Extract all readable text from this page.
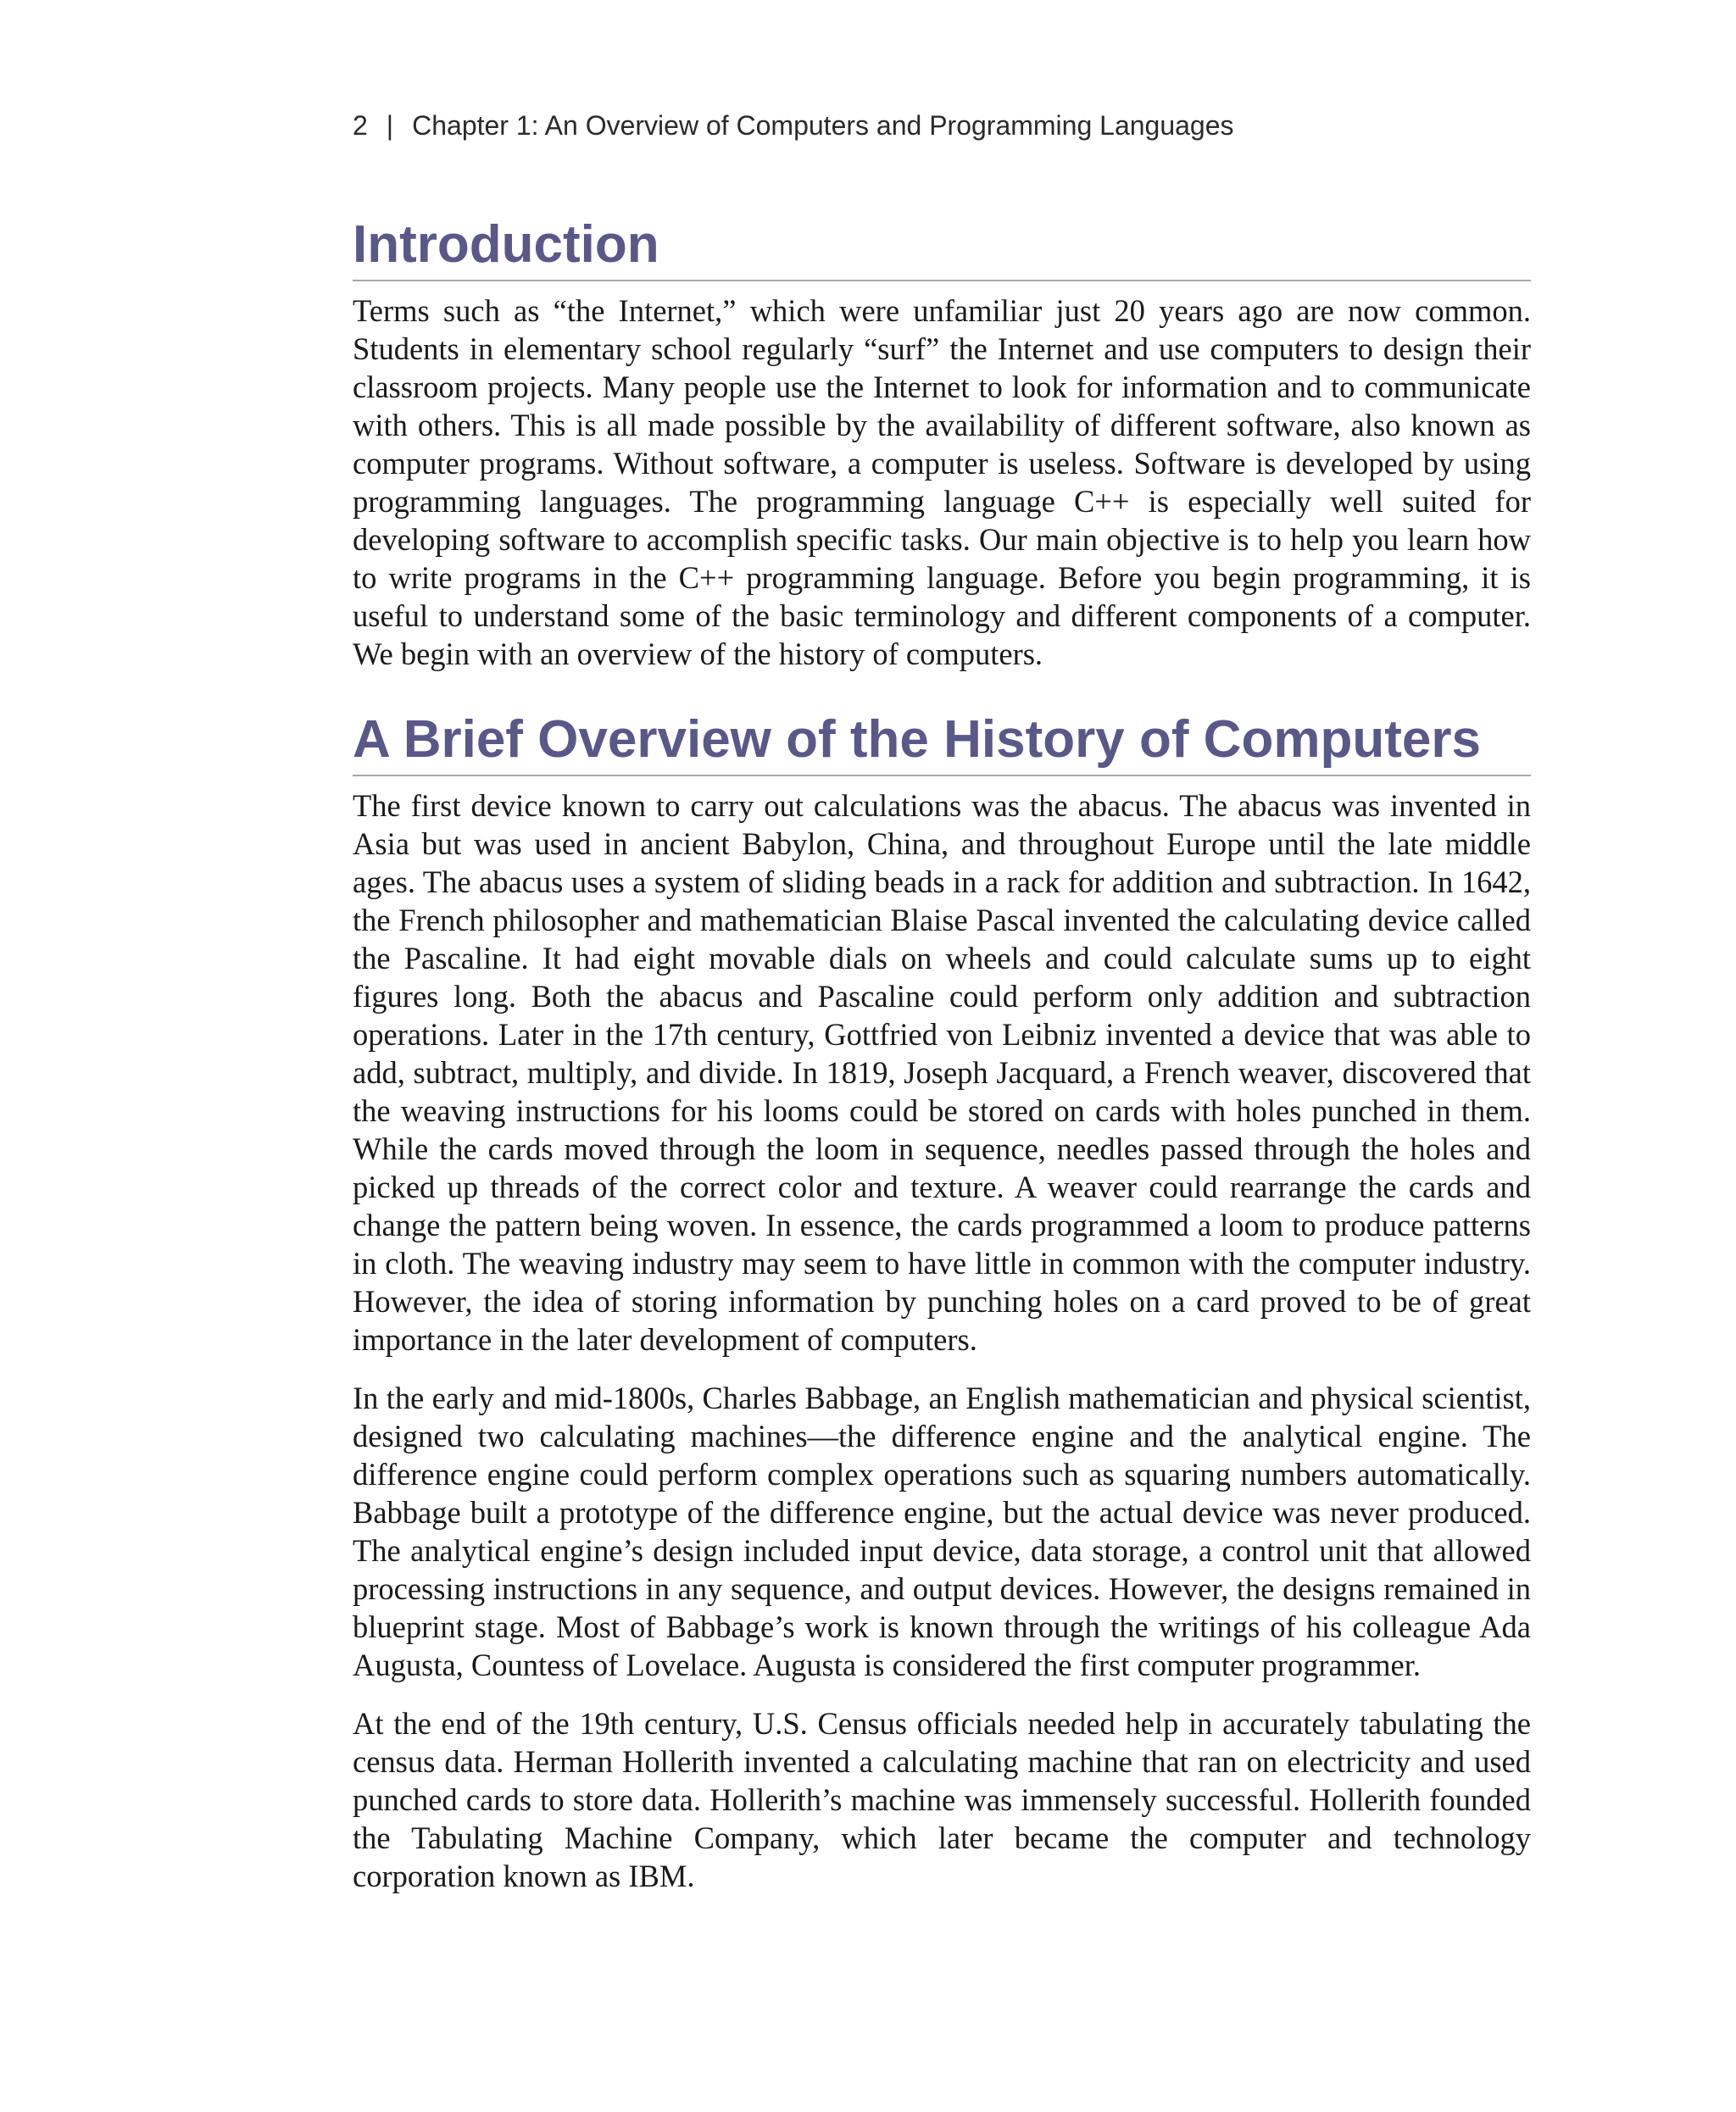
2 | Chapter 1: An Overview of Computers and Programming Languages
Introduction

Terms such as “the Internet,” which were unfamiliar just 20 years ago are now common. Students in elementary school regularly “surf” the Internet and use computers to design their classroom projects. Many people use the Internet to look for information and to communicate with others. This is all made possible by the availability of different software, also known as computer programs. Without software, a computer is useless. Software is developed by using programming languages. The programming language C++ is especially well suited for developing software to accomplish specific tasks. Our main objective is to help you learn how to write programs in the C++ programming language. Before you begin programming, it is useful to understand some of the basic terminology and different components of a computer. We begin with an overview of the history of computers.

A Brief Overview of the History of Computers

The first device known to carry out calculations was the abacus. The abacus was invented in Asia but was used in ancient Babylon, China, and throughout Europe until the late middle ages. The abacus uses a system of sliding beads in a rack for addition and subtraction. In 1642, the French philosopher and mathematician Blaise Pascal invented the calculating device called the Pascaline. It had eight movable dials on wheels and could calculate sums up to eight figures long. Both the abacus and Pascaline could perform only addition and subtraction operations. Later in the 17th century, Gottfried von Leibniz invented a device that was able to add, subtract, multiply, and divide. In 1819, Joseph Jacquard, a French weaver, discovered that the weaving instructions for his looms could be stored on cards with holes punched in them. While the cards moved through the loom in sequence, needles passed through the holes and picked up threads of the correct color and texture. A weaver could rearrange the cards and change the pattern being woven. In essence, the cards programmed a loom to produce patterns in cloth. The weaving industry may seem to have little in common with the computer industry. However, the idea of storing information by punching holes on a card proved to be of great importance in the later development of computers.

In the early and mid-1800s, Charles Babbage, an English mathematician and physical scientist, designed two calculating machines—the difference engine and the analytical engine. The difference engine could perform complex operations such as squaring numbers automatically. Babbage built a prototype of the difference engine, but the actual device was never produced. The analytical engine’s design included input device, data storage, a control unit that allowed processing instructions in any sequence, and output devices. However, the designs remained in blueprint stage. Most of Babbage’s work is known through the writings of his colleague Ada Augusta, Countess of Lovelace. Augusta is considered the first computer programmer.

At the end of the 19th century, U.S. Census officials needed help in accurately tabulating the census data. Herman Hollerith invented a calculating machine that ran on electricity and used punched cards to store data. Hollerith’s machine was immensely successful. Hollerith founded the Tabulating Machine Company, which later became the computer and technology corporation known as IBM.
